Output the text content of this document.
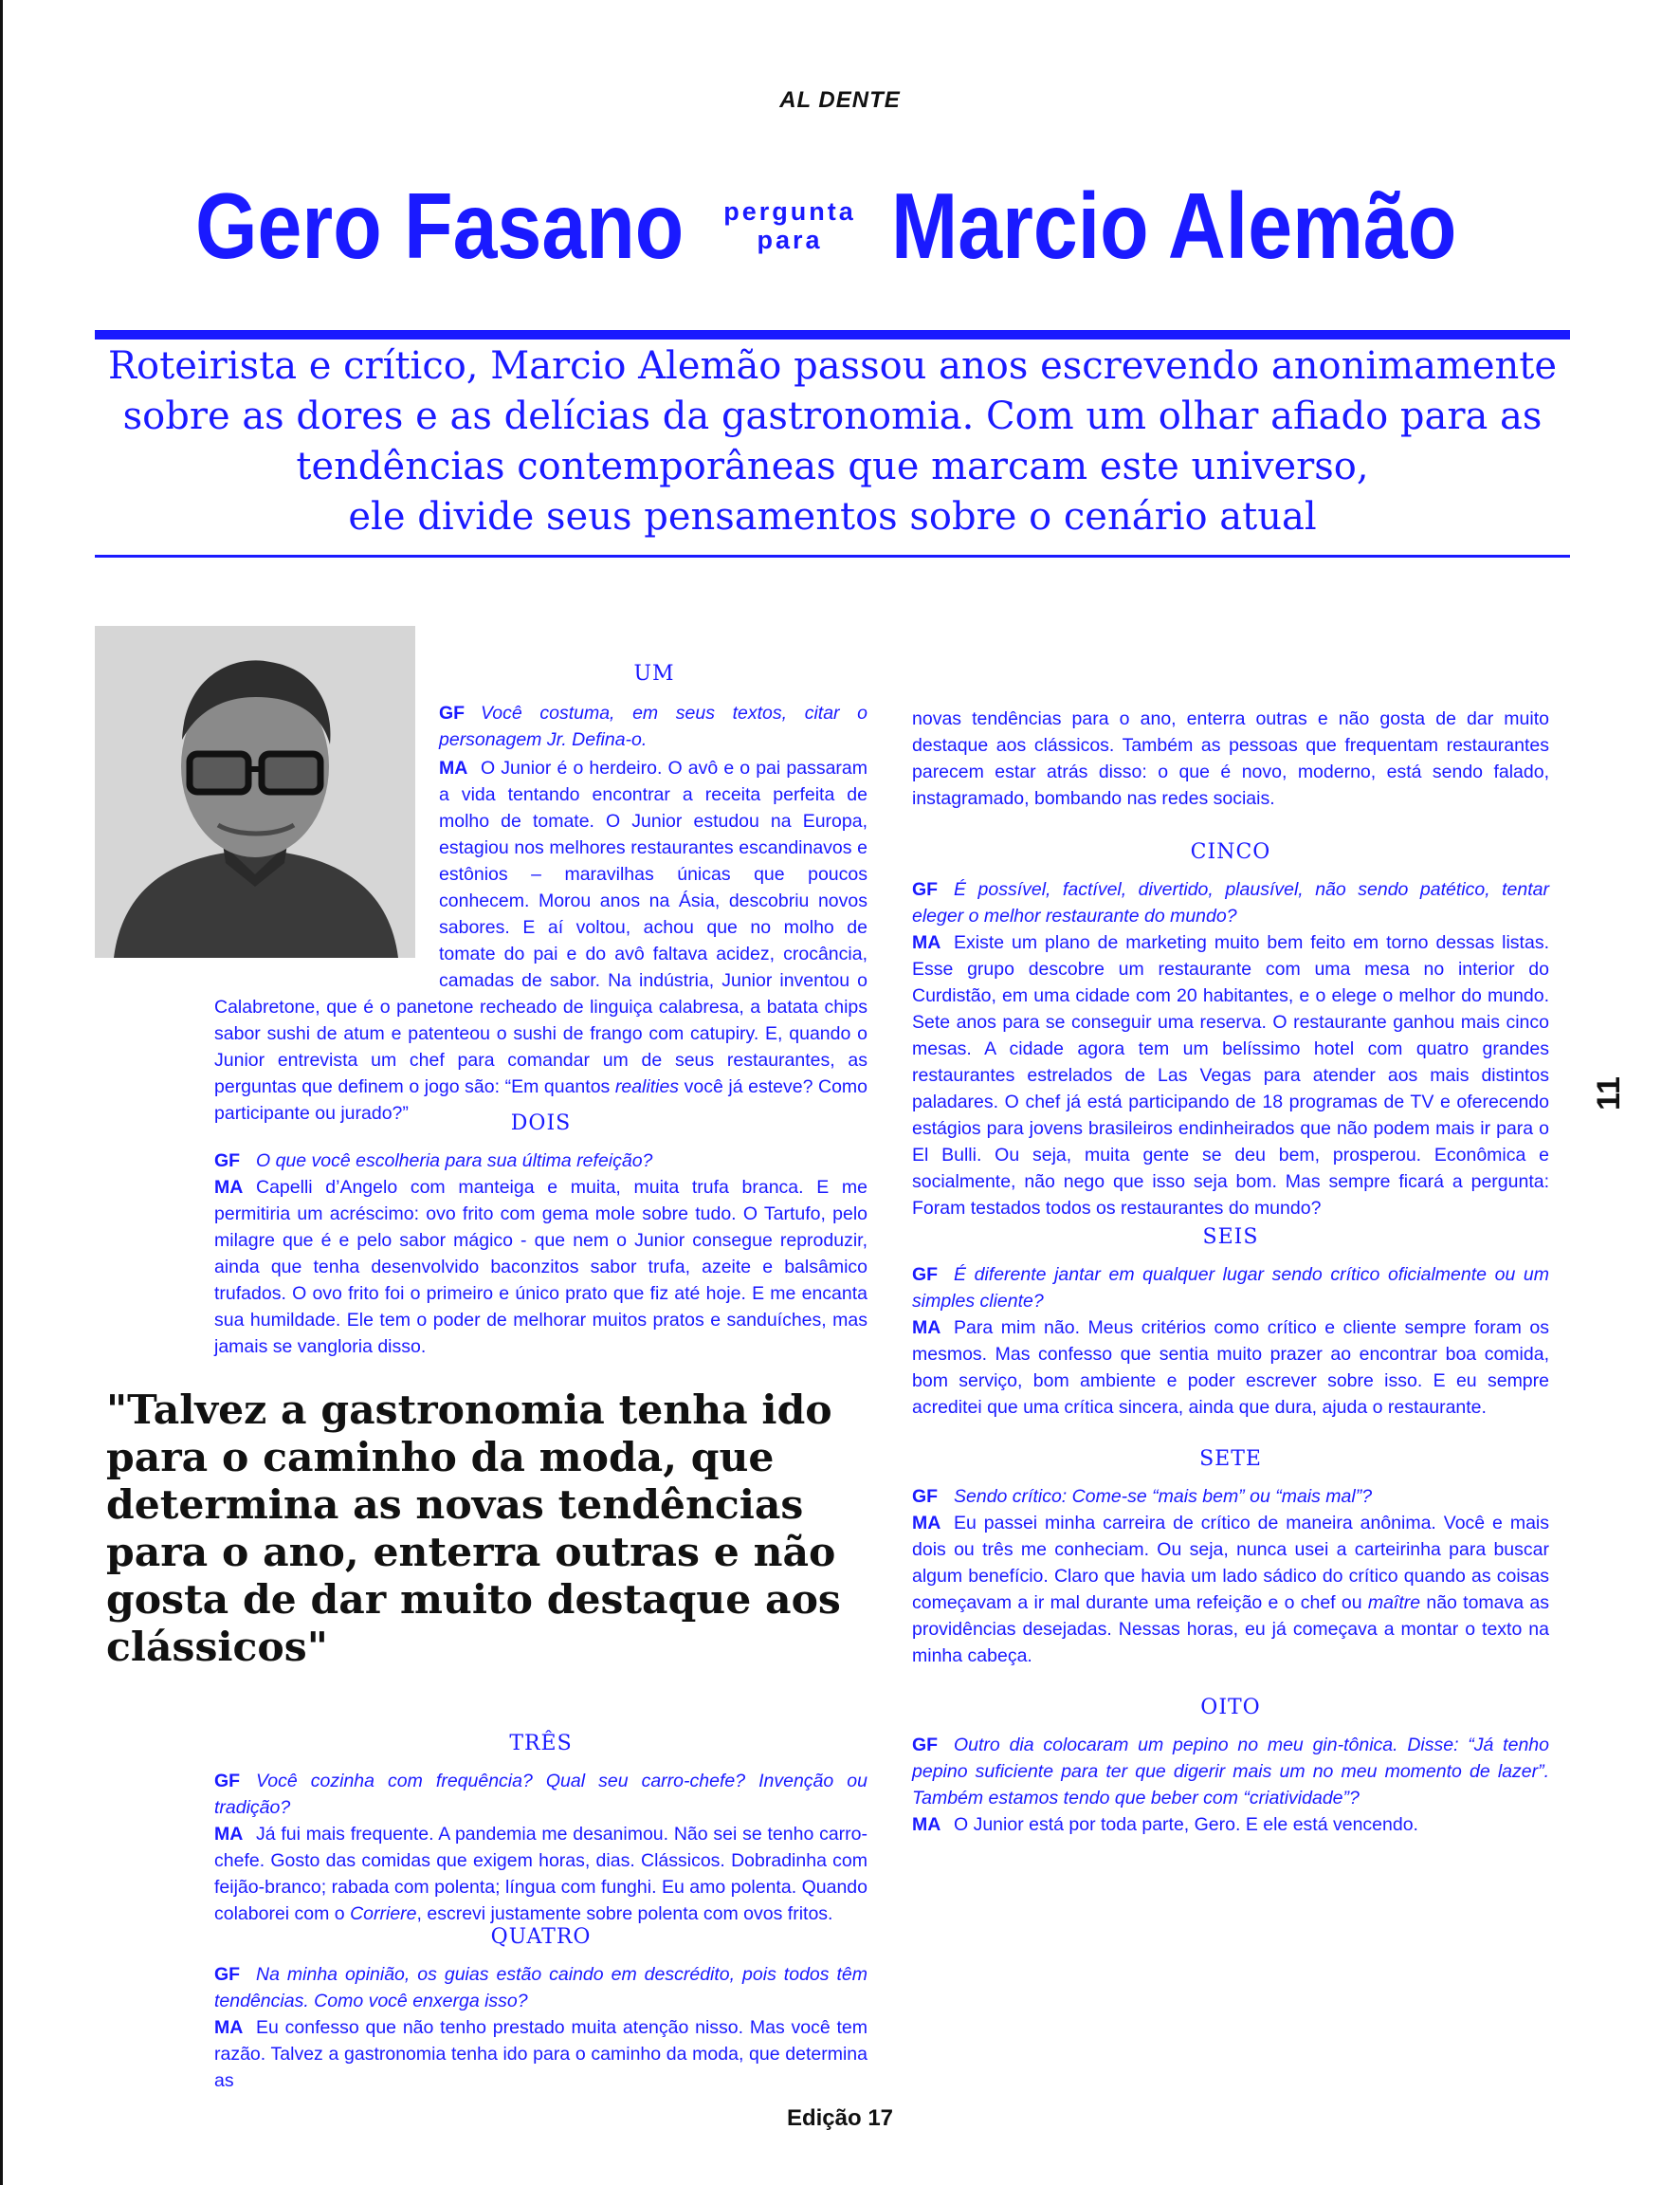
AL DENTE
Gero Fasano pergunta
para Marcio Alemão
Roteirista e crítico, Marcio Alemão passou anos escrevendo anonimamente
sobre as dores e as delícias da gastronomia. Com um olhar afiado para as
tendências contemporâneas que marcam este universo,
ele divide seus pensamentos sobre o cenário atual
UM

GF Você costuma, em seus textos, citar o personagem Jr. Defina-o.

MA O Junior é o herdeiro. O avô e o pai passaram a vida tentando encontrar a receita perfeita de molho de tomate. O Junior estudou na Europa, estagiou nos melhores restaurantes escandinavos e estônios – maravilhas únicas que poucos conhecem. Morou anos na Ásia, descobriu novos sabores. E aí voltou, achou que no molho de tomate do pai e do avô faltava acidez, crocância, camadas de sabor. Na indústria, Junior inventou o Calabretone, que é o panetone recheado de linguiça calabresa, a batata chips sabor sushi de atum e patenteou o sushi de frango com catupiry. E, quando o Junior entrevista um chef para comandar um de seus restaurantes, as perguntas que definem o jogo são: “Em quantos realities você já esteve? Como participante ou jurado?”	DOIS

GF O que você escolheria para sua última refeição?

MA Capelli d’Angelo com manteiga e muita, muita trufa branca. E me permitiria um acréscimo: ovo frito com gema mole sobre tudo. O Tartufo, pelo milagre que é e pelo sabor mágico - que nem o Junior consegue reproduzir, ainda que tenha desenvolvido baconzitos sabor trufa, azeite e balsâmico trufados. O ovo frito foi o primeiro e único prato que fiz até hoje. E me encanta sua humildade. Ele tem o poder de melhorar muitos pratos e sanduíches, mas jamais se vangloria disso.

"Talvez a gastronomia tenha ido para o caminho da moda, que determina as novas tendências para o ano, enterra outras e não gosta de dar muito destaque aos clássicos"
TRÊS

GF Você cozinha com frequência? Qual seu carro-chefe? Invenção ou tradição?

MA Já fui mais frequente. A pandemia me desanimou. Não sei se tenho carro-chefe. Gosto das comidas que exigem horas, dias. Clássicos. Dobradinha com feijão-branco; rabada com polenta; língua com funghi. Eu amo polenta. Quando colaborei com o Corriere, escrevi justamente sobre polenta com ovos fritos.

QUATRO

GF Na minha opinião, os guias estão caindo em descrédito, pois todos têm tendências. Como você enxerga isso?

MA Eu confesso que não tenho prestado muita atenção nisso. Mas você tem razão. Talvez a gastronomia tenha ido para o caminho da moda, que determina as

novas tendências para o ano, enterra outras e não gosta de dar muito destaque aos clássicos. Também as pessoas que frequentam restaurantes parecem estar atrás disso: o que é novo, moderno, está sendo falado, instagramado, bombando nas redes sociais.

CINCO

GF É possível, factível, divertido, plausível, não sendo patético, tentar eleger o melhor restaurante do mundo?

MA Existe um plano de marketing muito bem feito em torno dessas listas. Esse grupo descobre um restaurante com uma mesa no interior do Curdistão, em uma cidade com 20 habitantes, e o elege o melhor do mundo. Sete anos para se conseguir uma reserva. O restaurante ganhou mais cinco mesas. A cidade agora tem um belíssimo hotel com quatro grandes restaurantes estrelados de Las Vegas para atender aos mais distintos paladares. O chef já está participando de 18 programas de TV e oferecendo estágios para jovens brasileiros endinheirados que não podem mais ir para o El Bulli. Ou seja, muita gente se deu bem, prosperou. Econômica e socialmente, não nego que isso seja bom. Mas sempre ficará a pergunta: Foram testados todos os restaurantes do mundo?

SEIS

GF É diferente jantar em qualquer lugar sendo crítico oficialmente ou um simples cliente?

MA Para mim não. Meus critérios como crítico e cliente sempre foram os mesmos. Mas confesso que sentia muito prazer ao encontrar boa comida, bom serviço, bom ambiente e poder escrever sobre isso. E eu sempre acreditei que uma crítica sincera, ainda que dura, ajuda o restaurante.

SETE

GF Sendo crítico: Come-se “mais bem” ou “mais mal”?

MA Eu passei minha carreira de crítico de maneira anônima. Você e mais dois ou três me conheciam. Ou seja, nunca usei a carteirinha para buscar algum benefício. Claro que havia um lado sádico do crítico quando as coisas começavam a ir mal durante uma refeição e o chef ou maître não tomava as providências desejadas. Nessas horas, eu já começava a montar o texto na minha cabeça.

OITO

GF Outro dia colocaram um pepino no meu gin-tônica. Disse: “Já tenho pepino suficiente para ter que digerir mais um no meu momento de lazer”. Também estamos tendo que beber com “criatividade”?

MA O Junior está por toda parte, Gero. E ele está vencendo.

11
Edição 17
